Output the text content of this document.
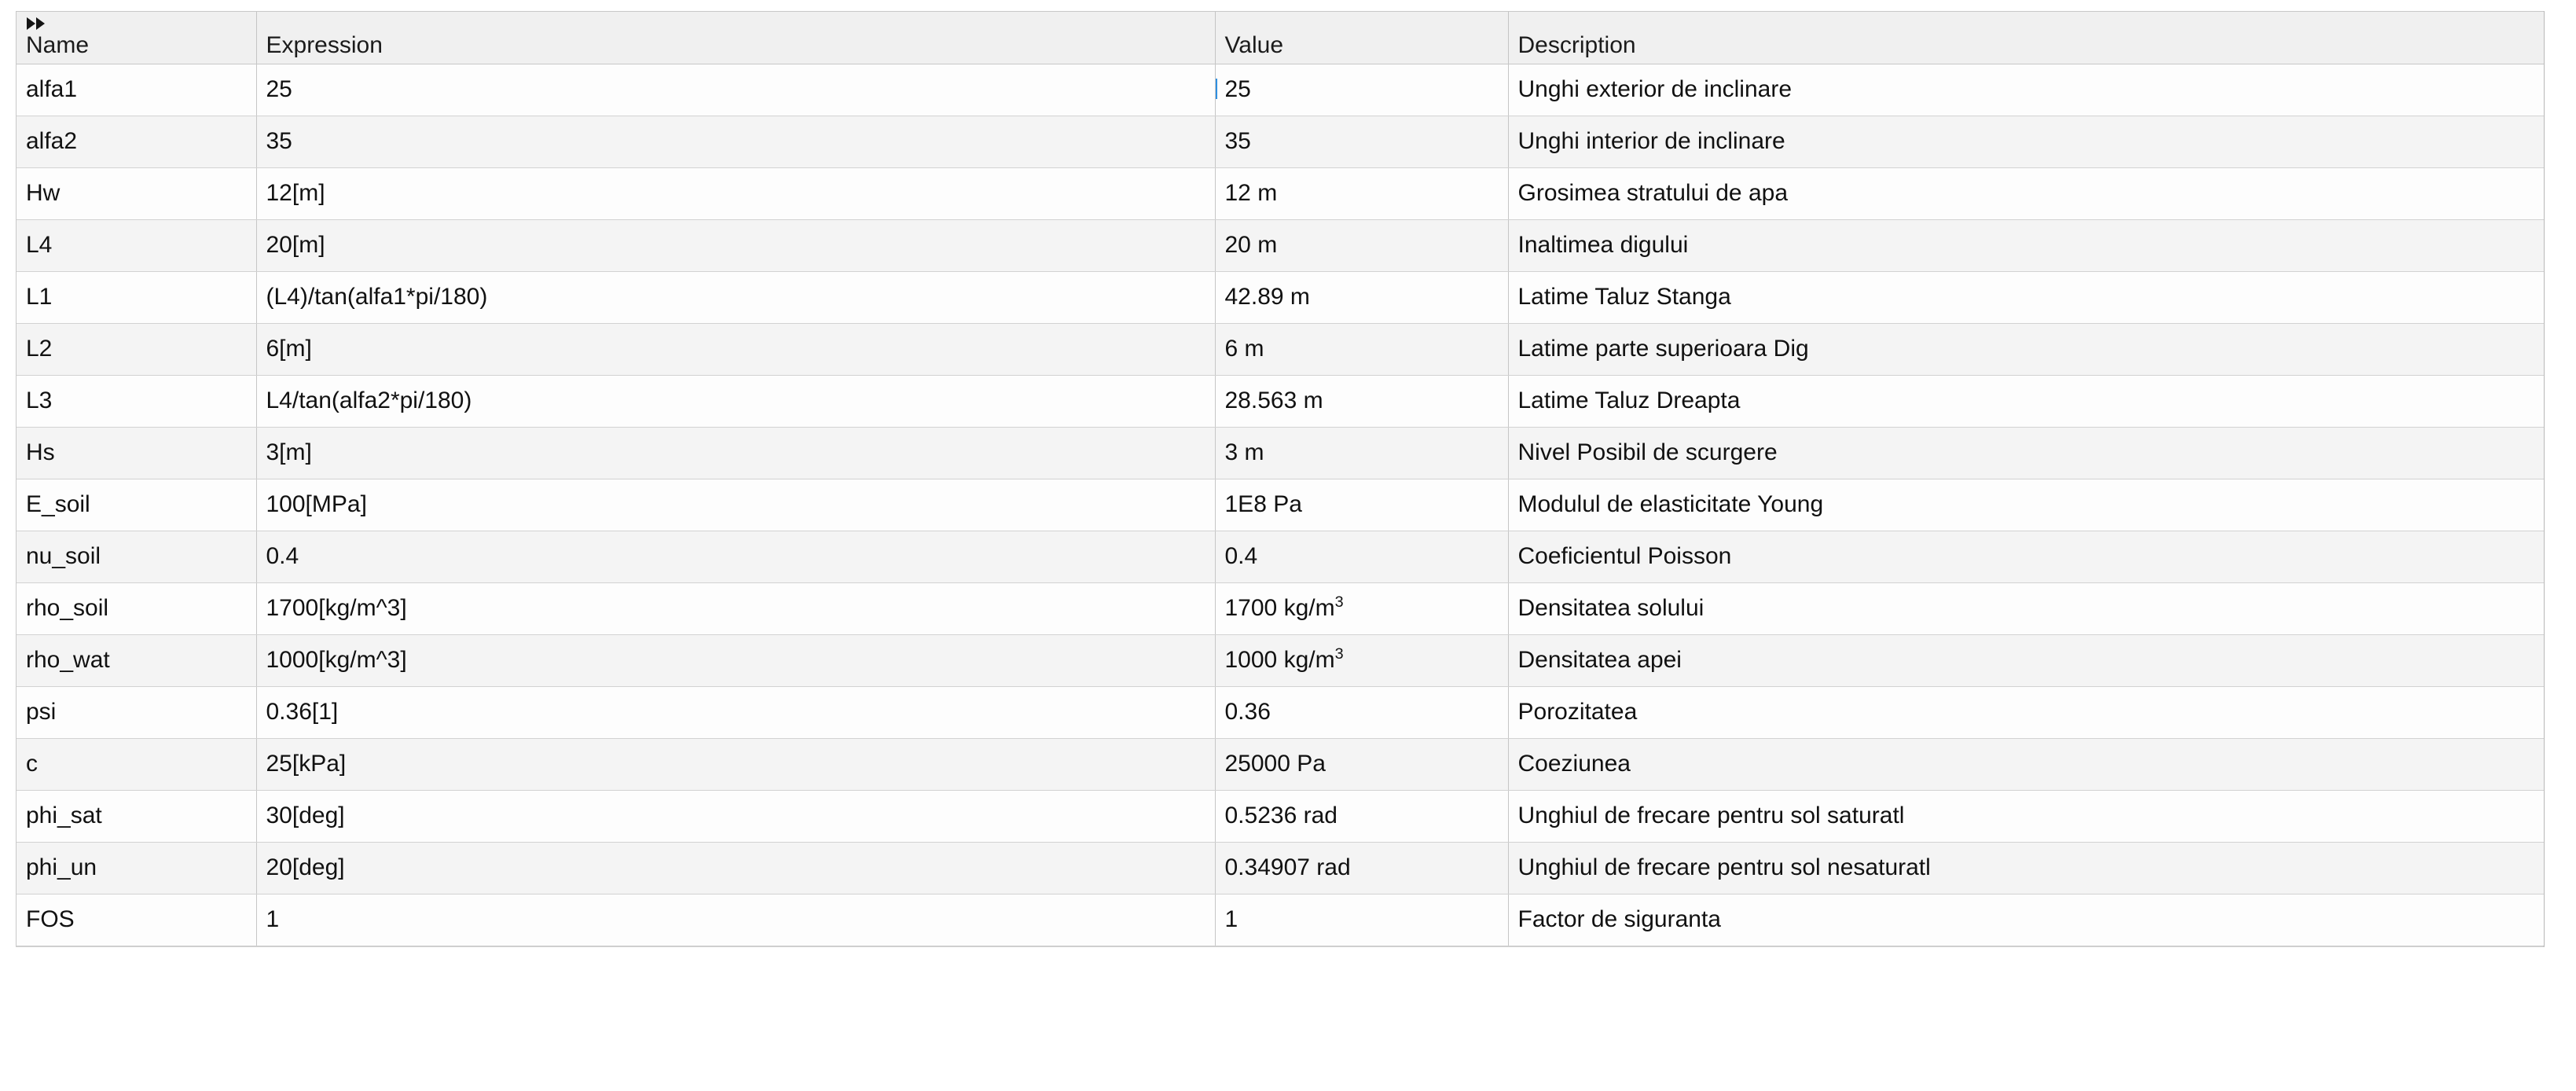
Name	Expression	Value	Description
alfa1	25	25	Unghi exterior de inclinare
alfa2	35	35	Unghi interior de inclinare
Hw	12[m]	12 m	Grosimea stratului de apa
L4	20[m]	20 m	Inaltimea digului
L1	(L4)/tan(alfa1*pi/180)	42.89 m	Latime Taluz Stanga
L2	6[m]	6 m	Latime parte superioara Dig
L3	L4/tan(alfa2*pi/180)	28.563 m	Latime Taluz Dreapta
Hs	3[m]	3 m	Nivel Posibil de scurgere
E_soil	100[MPa]	1E8 Pa	Modulul de elasticitate Young
nu_soil	0.4	0.4	Coeficientul Poisson
rho_soil	1700[kg/m^3]	1700 $kg/m^3$	Densitatea solului
rho_wat	1000[kg/m^3]	1000 $kg/m^3$	Densitatea apei
psi	0.36[1]	0.36	Porozitatea
c	25[kPa]	25000 Pa	Coeziunea
phi_sat	30[deg]	0.5236 rad	Unghiul de frecare pentru sol saturatl
phi_un	20[deg]	0.34907 rad	Unghiul de frecare pentru sol nesaturatl
FOS	1	1	Factor de siguranta
